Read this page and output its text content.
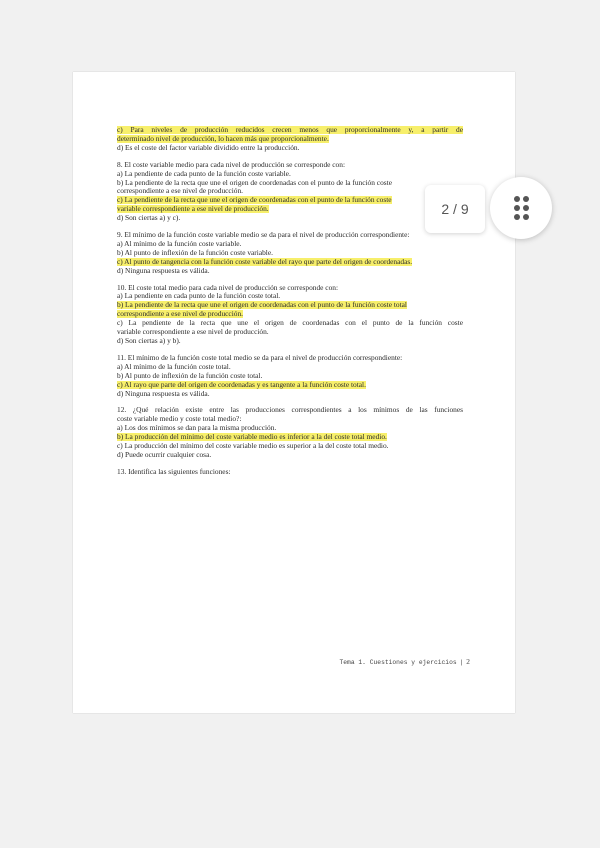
c) Para niveles de producción reducidos crecen menos que proporcionalmente y, a partir de
determinado nivel de producción, lo hacen más que proporcionalmente.
d) Es el coste del factor variable dividido entre la producción.
8. El coste variable medio para cada nivel de producción se corresponde con:
a) La pendiente de cada punto de la función coste variable.
b) La pendiente de la recta que une el origen de coordenadas con el punto de la función coste
correspondiente a ese nivel de producción.
c) La pendiente de la recta que une el origen de coordenadas con el punto de la función coste
variable correspondiente a ese nivel de producción.
d) Son ciertas a) y c).
9. El mínimo de la función coste variable medio se da para el nivel de producción correspondiente:
a) Al mínimo de la función coste variable.
b) Al punto de inflexión de la función coste variable.
c) Al punto de tangencia con la función coste variable del rayo que parte del origen de coordenadas.
d) Ninguna respuesta es válida.
10. El coste total medio para cada nivel de producción se corresponde con:
a) La pendiente en cada punto de la función coste total.
b) La pendiente de la recta que une el origen de coordenadas con el punto de la función coste total
correspondiente a ese nivel de producción.
c) La pendiente de la recta que une el origen de coordenadas con el punto de la función coste
variable correspondiente a ese nivel de producción.
d) Son ciertas a) y b).
11. El mínimo de la función coste total medio se da para el nivel de producción correspondiente:
a) Al mínimo de la función coste total.
b) Al punto de inflexión de la función coste total.
c) Al rayo que parte del origen de coordenadas y es tangente a la función coste total.
d) Ninguna respuesta es válida.
12. ¿Qué relación existe entre las producciones correspondientes a los mínimos de las funciones
coste variable medio y coste total medio?:
a) Los dos mínimos se dan para la misma producción.
b) La producción del mínimo del coste variable medio es inferior a la del coste total medio.
c) La producción del mínimo del coste variable medio es superior a la del coste total medio.
d) Puede ocurrir cualquier cosa.
13. Identifica las siguientes funciones:
Tema 1. Cuestiones y ejercicios | 2
2 / 9
